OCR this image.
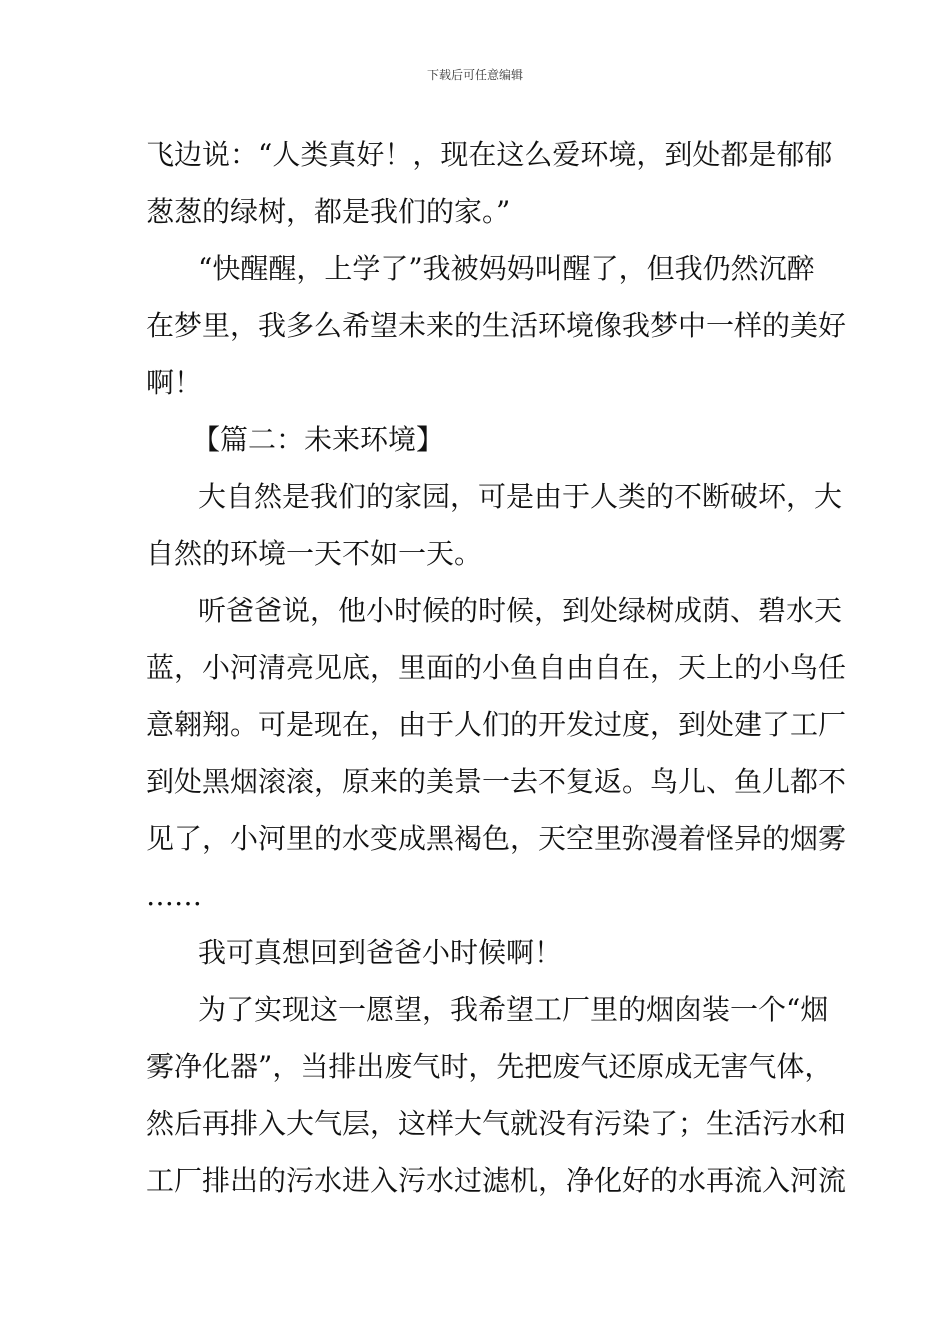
下载后可任意编辑
飞边说：“人类真好！，现在这么爱环境，到处都是郁郁
葱葱的绿树，都是我们的家。”
“快醒醒，上学了”我被妈妈叫醒了，但我仍然沉醉
在梦里，我多么希望未来的生活环境像我梦中一样的美好
啊！
【篇二：未来环境】
大自然是我们的家园，可是由于人类的不断破坏，大
自然的环境一天不如一天。
听爸爸说，他小时候的时候，到处绿树成荫、碧水天
蓝，小河清亮见底，里面的小鱼自由自在，天上的小鸟任
意翱翔。可是现在，由于人们的开发过度，到处建了工厂
到处黑烟滚滚，原来的美景一去不复返。鸟儿、鱼儿都不
见了，小河里的水变成黑褐色，天空里弥漫着怪异的烟雾
……
我可真想回到爸爸小时候啊！
为了实现这一愿望，我希望工厂里的烟囱装一个“烟
雾净化器”，当排出废气时，先把废气还原成无害气体，
然后再排入大气层，这样大气就没有污染了；生活污水和
工厂排出的污水进入污水过滤机，净化好的水再流入河流
